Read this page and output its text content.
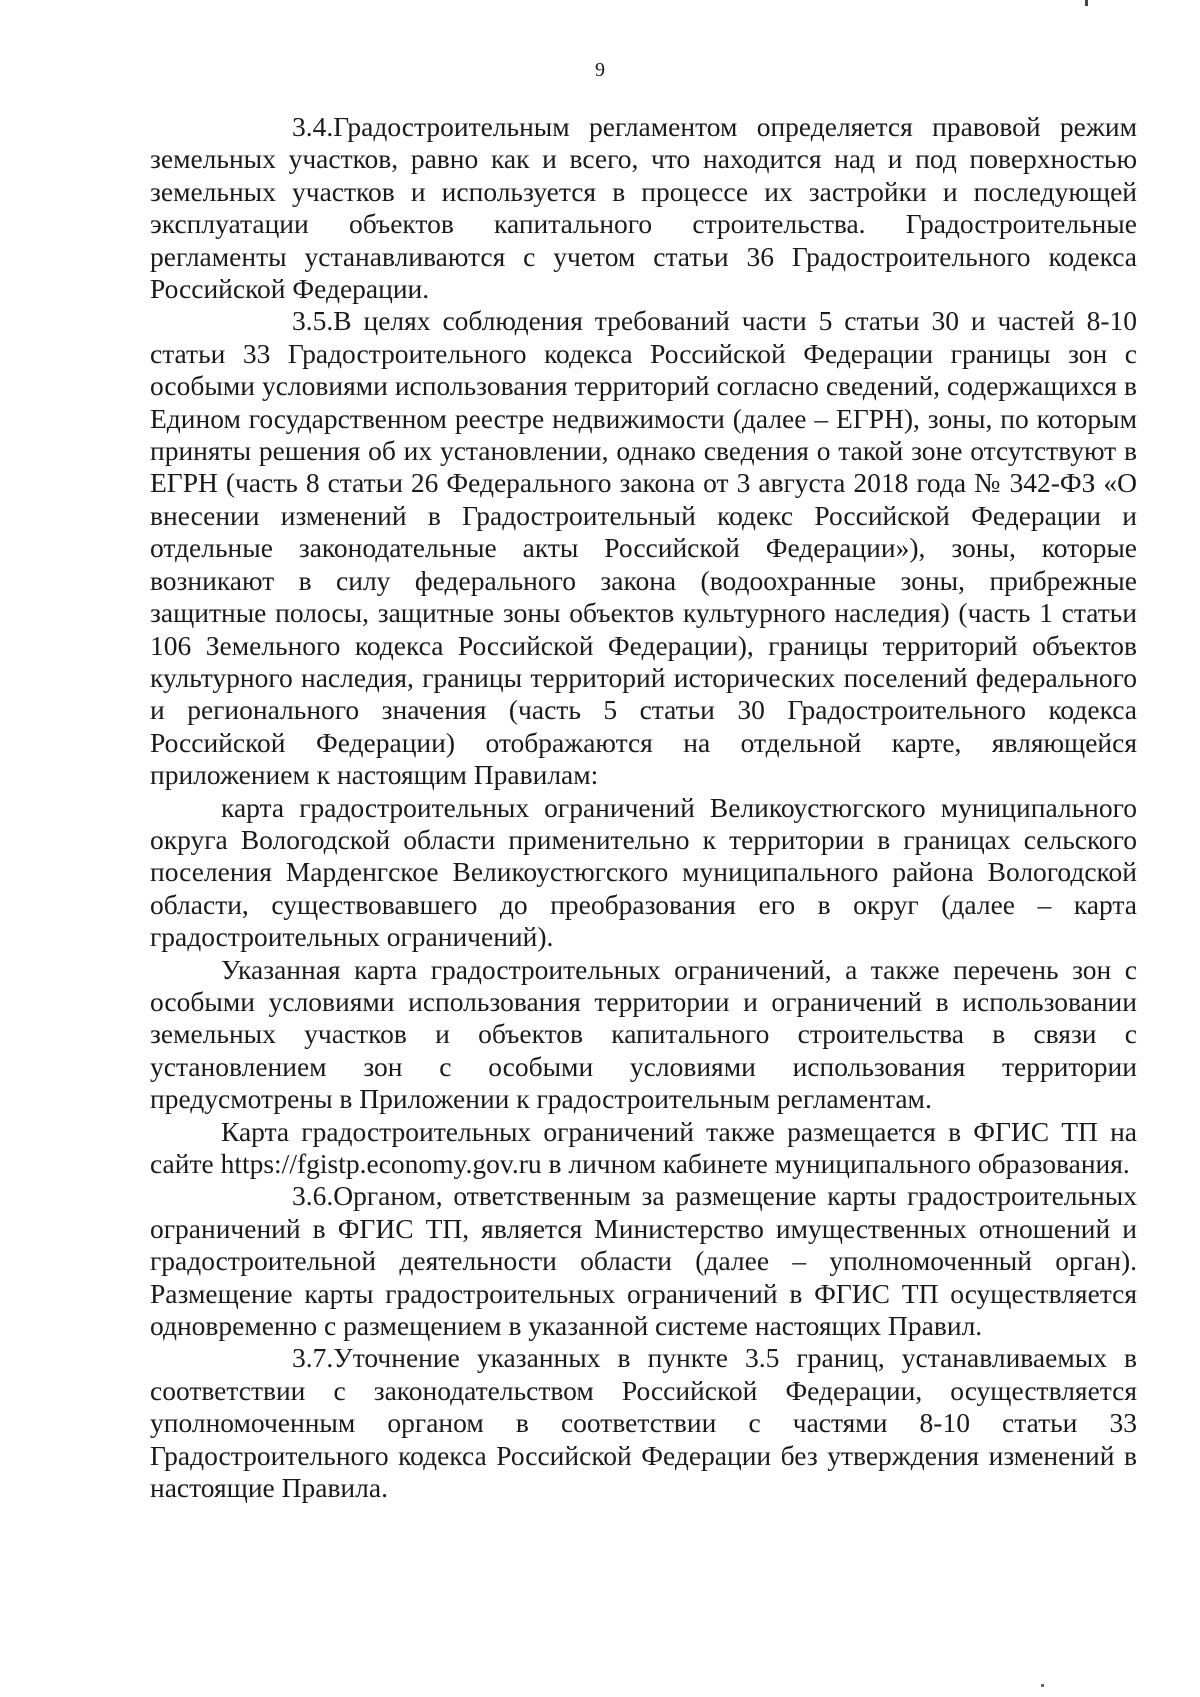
9

3.4.Градостроительным регламентом определяется правовой режим земельных участков, равно как и всего, что находится над и под поверхностью земельных участков и используется в процессе их застройки и последующей эксплуатации объектов капитального строительства. Градостроительные регламенты устанавливаются с учетом статьи 36 Градостроительного кодекса Российской Федерации.

3.5.В целях соблюдения требований части 5 статьи 30 и частей 8-10 статьи 33 Градостроительного кодекса Российской Федерации границы зон с особыми условиями использования территорий согласно сведений, содержащихся в Едином государственном реестре недвижимости (далее – ЕГРН), зоны, по которым приняты решения об их установлении, однако сведения о такой зоне отсутствуют в ЕГРН (часть 8 статьи 26 Федерального закона от 3 августа 2018 года № 342-ФЗ «О внесении изменений в Градостроительный кодекс Российской Федерации и отдельные законодательные акты Российской Федерации»), зоны, которые возникают в силу федерального закона (водоохранные зоны, прибрежные защитные полосы, защитные зоны объектов культурного наследия) (часть 1 статьи 106 Земельного кодекса Российской Федерации), границы территорий объектов культурного наследия, границы территорий исторических поселений федерального и регионального значения (часть 5 статьи 30 Градостроительного кодекса Российской Федерации) отображаются на отдельной карте, являющейся приложением к настоящим Правилам:

карта градостроительных ограничений Великоустюгского муниципального округа Вологодской области применительно к территории в границах сельского поселения Марденгское Великоустюгского муниципального района Вологодской области, существовавшего до преобразования его в округ (далее – карта градостроительных ограничений).

Указанная карта градостроительных ограничений, а также перечень зон с особыми условиями использования территории и ограничений в использовании земельных участков и объектов капитального строительства в связи с установлением зон с особыми условиями использования территории предусмотрены в Приложении к градостроительным регламентам.

Карта градостроительных ограничений также размещается в ФГИС ТП на сайте https://fgistp.economy.gov.ru в личном кабинете муниципального образования.

3.6.Органом, ответственным за размещение карты градостроительных ограничений в ФГИС ТП, является Министерство имущественных отношений и градостроительной деятельности области (далее – уполномоченный орган). Размещение карты градостроительных ограничений в ФГИС ТП осуществляется одновременно с размещением в указанной системе настоящих Правил.

3.7.Уточнение указанных в пункте 3.5 границ, устанавливаемых в соответствии с законодательством Российской Федерации, осуществляется уполномоченным органом в соответствии с частями 8-10 статьи 33 Градостроительного кодекса Российской Федерации без утверждения изменений в настоящие Правила.
